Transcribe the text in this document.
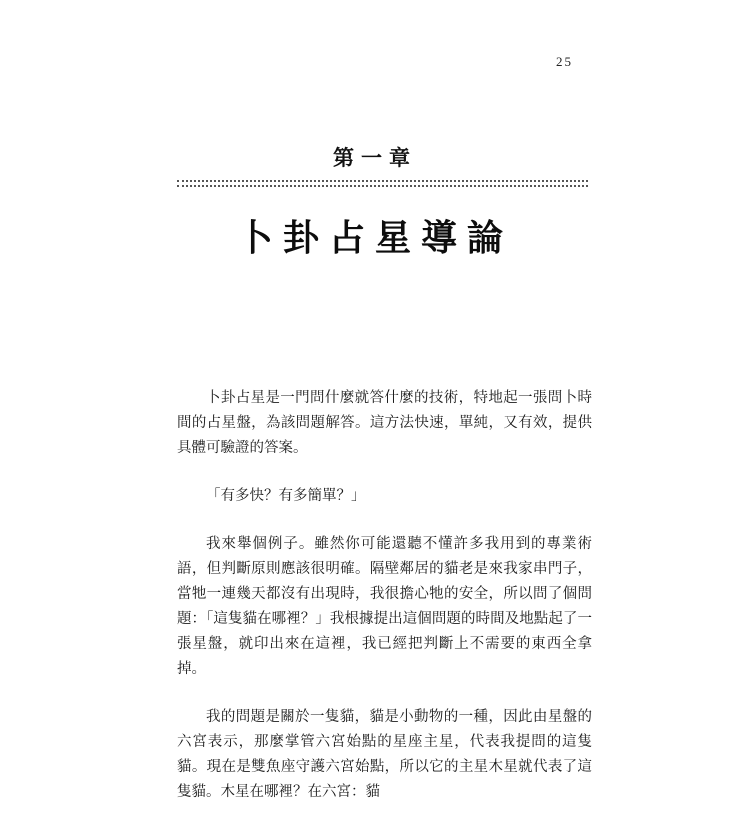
25
第一章
卜卦占星導論

卜卦占星是一門問什麼就答什麼的技術，特地起一張問卜時間的占星盤，為該問題解答。這方法快速，單純，又有效，提供具體可驗證的答案。

「有多快？有多簡單？」

我來舉個例子。雖然你可能還聽不懂許多我用到的專業術語，但判斷原則應該很明確。隔壁鄰居的貓老是來我家串門子，當牠一連幾天都沒有出現時，我很擔心牠的安全，所以問了個問題：「這隻貓在哪裡？」我根據提出這個問題的時間及地點起了一張星盤，就印出來在這裡，我已經把判斷上不需要的東西全拿掉。

我的問題是關於一隻貓，貓是小動物的一種，因此由星盤的六宮表示，那麼掌管六宮始點的星座主星，代表我提問的這隻貓。現在是雙魚座守護六宮始點，所以它的主星木星就代表了這隻貓。木星在哪裡？在六宮：貓
